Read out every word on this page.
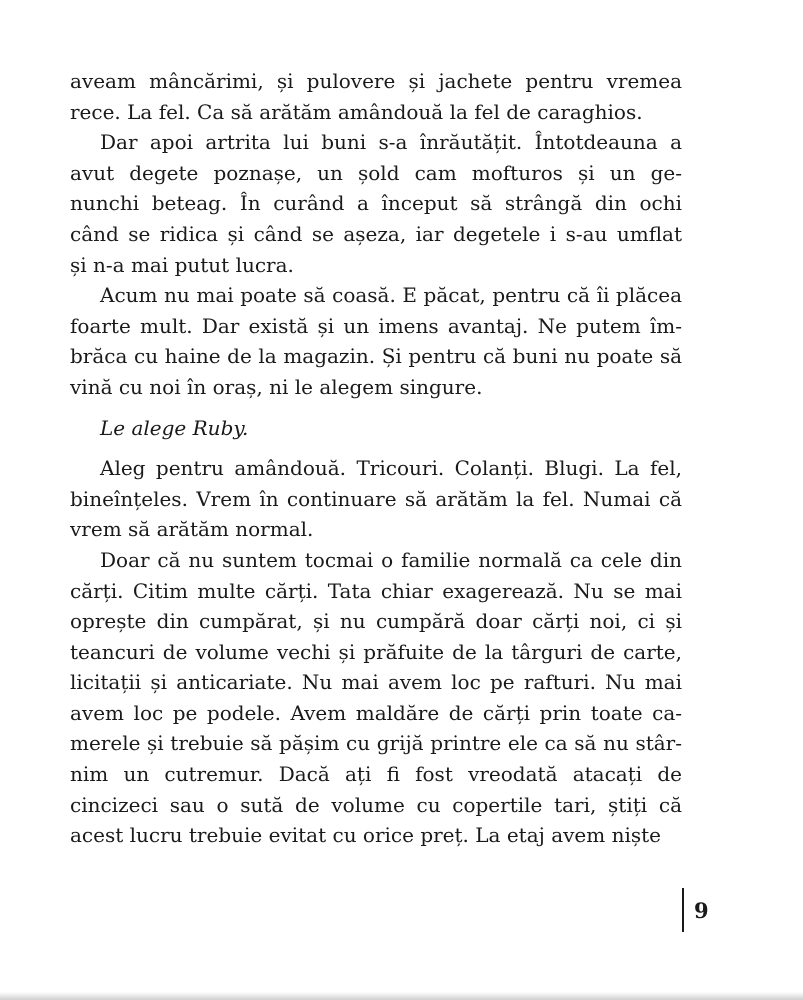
aveam mâncărimi, și pulovere și jachete pentru vremea
rece. La fel. Ca să arătăm amândouă la fel de caraghios.
Dar apoi artrita lui buni s-a înrăutățit. Întotdeauna a
avut degete poznașe, un șold cam mofturos și un ge-
nunchi beteag. În curând a început să strângă din ochi
când se ridica și când se așeza, iar degetele i s-au umflat
și n-a mai putut lucra.
Acum nu mai poate să coasă. E păcat, pentru că îi plăcea
foarte mult. Dar există și un imens avantaj. Ne putem îm-
brăca cu haine de la magazin. Și pentru că buni nu poate să
vină cu noi în oraș, ni le alegem singure.
Le alege Ruby.
Aleg pentru amândouă. Tricouri. Colanți. Blugi. La fel,
bineînțeles. Vrem în continuare să arătăm la fel. Numai că
vrem să arătăm normal.
Doar că nu suntem tocmai o familie normală ca cele din
cărți. Citim multe cărți. Tata chiar exagerează. Nu se mai
oprește din cumpărat, și nu cumpără doar cărți noi, ci și
teancuri de volume vechi și prăfuite de la târguri de carte,
licitații și anticariate. Nu mai avem loc pe rafturi. Nu mai
avem loc pe podele. Avem maldăre de cărți prin toate ca-
merele și trebuie să pășim cu grijă printre ele ca să nu stâr-
nim un cutremur. Dacă ați fi fost vreodată atacați de
cincizeci sau o sută de volume cu copertile tari, știți că
acest lucru trebuie evitat cu orice preț. La etaj avem niște
9
